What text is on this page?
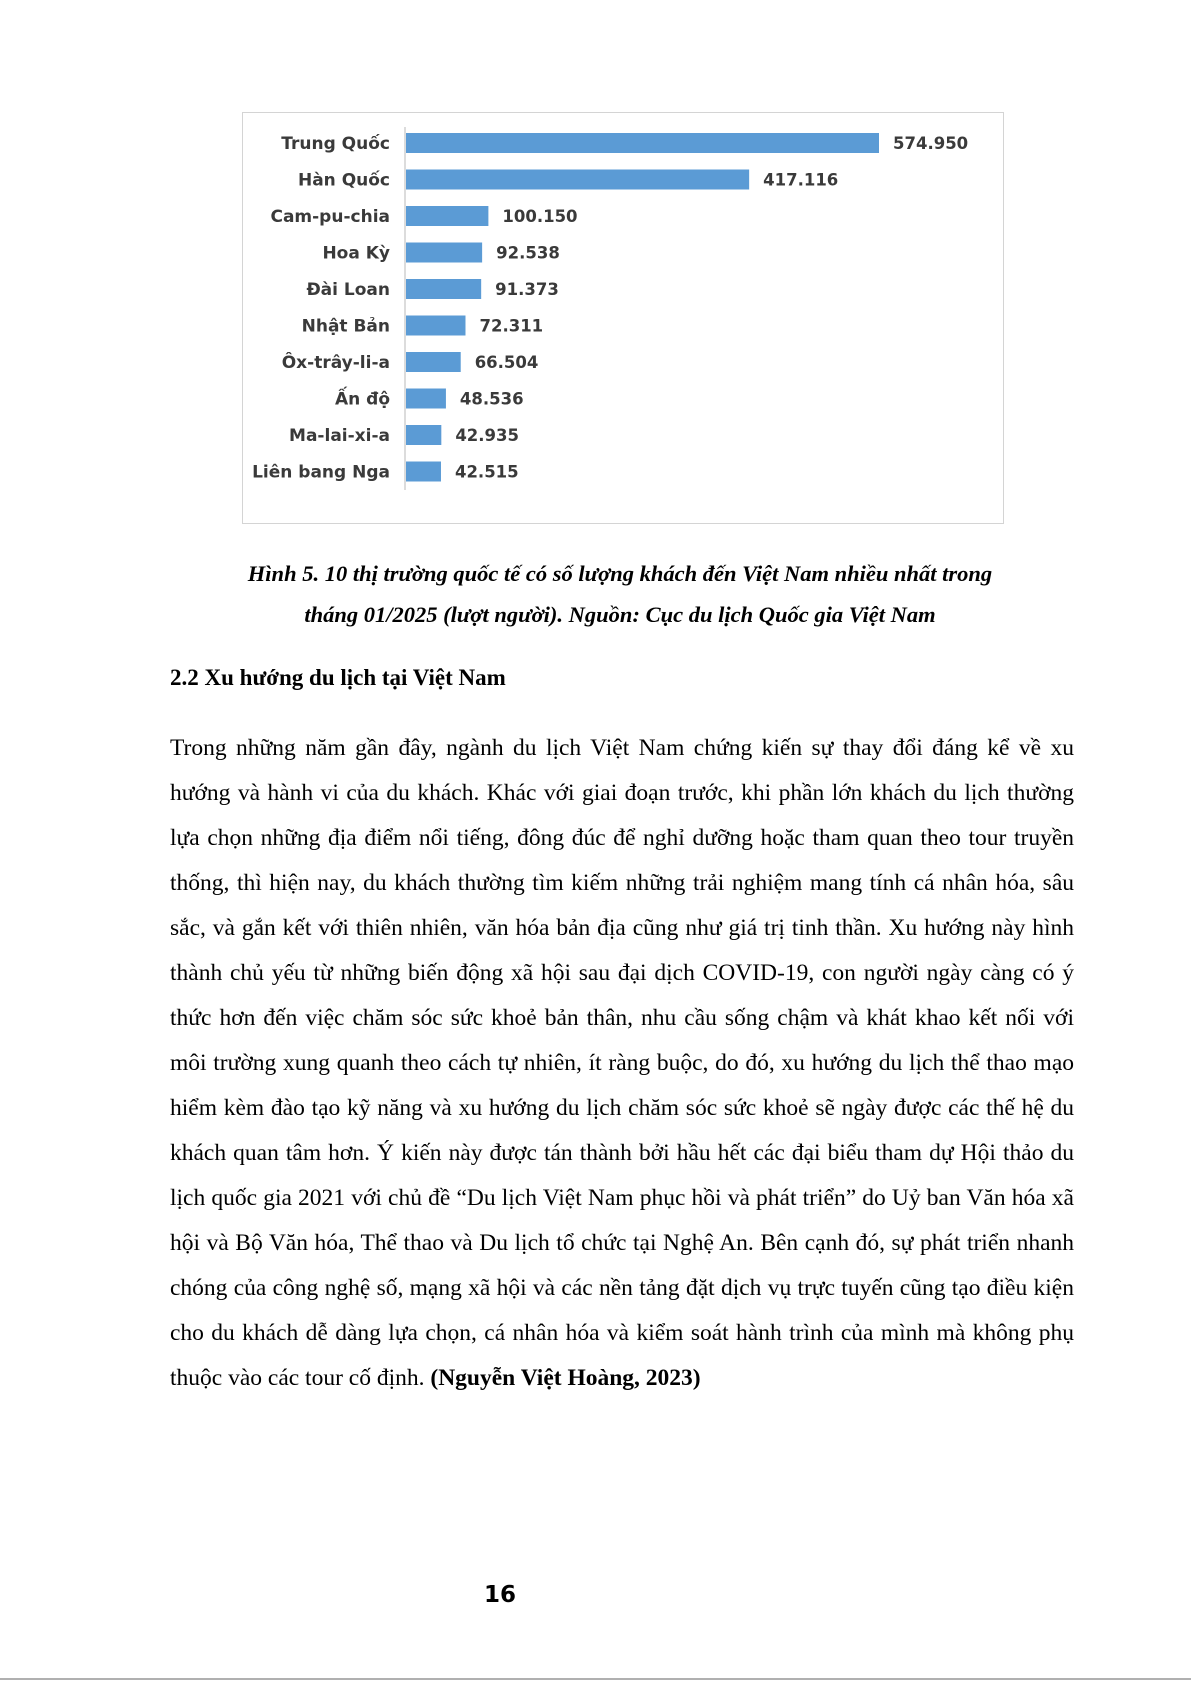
Trung Quốc	574.950
Hàn Quốc	417.116
Cam-pu-chia	100.150
Hoa Kỳ	92.538
Đài Loan	91.373
Nhật Bản	72.311
Ôx-trây-li-a	66.504
Ấn độ	48.536
Ma-lai-xi-a	42.935
Liên bang Nga	42.515
Hình 5. 10 thị trường quốc tế có số lượng khách đến Việt Nam nhiều nhất trong
tháng 01/2025 (lượt người). Nguồn: Cục du lịch Quốc gia Việt Nam
2.2 Xu hướng du lịch tại Việt Nam

Trong những năm gần đây, ngành du lịch Việt Nam chứng kiến sự thay đổi đáng kể về xu hướng và hành vi của du khách. Khác với giai đoạn trước, khi phần lớn khách du lịch thường lựa chọn những địa điểm nổi tiếng, đông đúc để nghỉ dưỡng hoặc tham quan theo tour truyền thống, thì hiện nay, du khách thường tìm kiếm những trải nghiệm mang tính cá nhân hóa, sâu sắc, và gắn kết với thiên nhiên, văn hóa bản địa cũng như giá trị tinh thần. Xu hướng này hình thành chủ yếu từ những biến động xã hội sau đại dịch COVID-19, con người ngày càng có ý thức hơn đến việc chăm sóc sức khoẻ bản thân, nhu cầu sống chậm và khát khao kết nối với môi trường xung quanh theo cách tự nhiên, ít ràng buộc, do đó, xu hướng du lịch thể thao mạo hiểm kèm đào tạo kỹ năng và xu hướng du lịch chăm sóc sức khoẻ sẽ ngày được các thế hệ du khách quan tâm hơn. Ý kiến này được tán thành bởi hầu hết các đại biểu tham dự Hội thảo du lịch quốc gia 2021 với chủ đề “Du lịch Việt Nam phục hồi và phát triển” do Uỷ ban Văn hóa xã hội và Bộ Văn hóa, Thể thao và Du lịch tổ chức tại Nghệ An. Bên cạnh đó, sự phát triển nhanh chóng của công nghệ số, mạng xã hội và các nền tảng đặt dịch vụ trực tuyến cũng tạo điều kiện cho du khách dễ dàng lựa chọn, cá nhân hóa và kiểm soát hành trình của mình mà không phụ thuộc vào các tour cố định. (Nguyễn Việt Hoàng, 2023)

16
